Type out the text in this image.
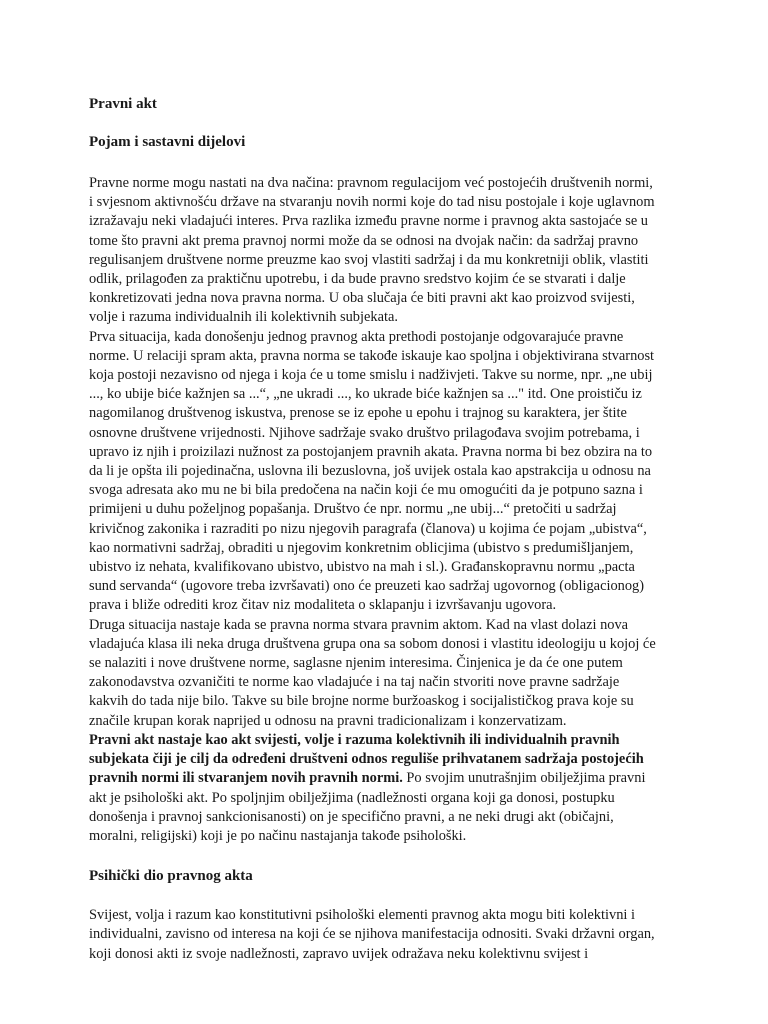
Pravni akt
Pojam i sastavni dijelovi

Pravne norme mogu nastati na dva načina: pravnom regulacijom već postojećih društvenih normi, i svjesnom aktivnošću države na stvaranju novih normi koje do tad nisu postojale i koje uglavnom izražavaju neki vladajući interes. Prva razlika između pravne norme i pravnog akta sastojaće se u tome što pravni akt prema pravnoj normi može da se odnosi na dvojak način: da sadržaj pravno regulisanjem društvene norme preuzme kao svoj vlastiti sadržaj i da mu konkretniji oblik, vlastiti odlik, prilagođen za praktičnu upotrebu, i da bude pravno sredstvo kojim će se stvarati i dalje konkretizovati jedna nova pravna norma. U oba slučaja će biti pravni akt kao proizvod svijesti, volje i razuma individualnih ili kolektivnih subjekata.

Prva situacija, kada donošenju jednog pravnog akta prethodi postojanje odgovarajuće pravne norme. U relaciji spram akta, pravna norma se takođe iskauje kao spoljna i objektivirana stvarnost koja postoji nezavisno od njega i koja će u tome smislu i nadživjeti. Takve su norme, npr. „ne ubij ..., ko ubije biće kažnjen sa ...“, „ne ukradi ..., ko ukrade biće kažnjen sa ..." itd. One proističu iz nagomilanog društvenog iskustva, prenose se iz epohe u epohu i trajnog su karaktera, jer štite osnovne društvene vrijednosti. Njihove sadržaje svako društvo prilagođava svojim potrebama, i upravo iz njih i proizilazi nužnost za postojanjem pravnih akata. Pravna norma bi bez obzira na to da li je opšta ili pojedinačna, uslovna ili bezuslovna, još uvijek ostala kao apstrakcija u odnosu na svoga adresata ako mu ne bi bila predočena na način koji će mu omogućiti da je potpuno sazna i primijeni u duhu poželjnog popašanja. Društvo će npr. normu „ne ubij...“ pretočiti u sadržaj krivičnog zakonika i razraditi po nizu njegovih paragrafa (članova) u kojima će pojam „ubistva“, kao normativni sadržaj, obraditi u njegovim konkretnim oblicjima (ubistvo s predumišljanjem, ubistvo iz nehata, kvalifikovano ubistvo, ubistvo na mah i sl.). Građanskopravnu normu „pacta sund servanda“ (ugovore treba izvršavati) ono će preuzeti kao sadržaj ugovornog (obligacionog) prava i bliže odrediti kroz čitav niz modaliteta o sklapanju i izvršavanju ugovora.

Druga situacija nastaje kada se pravna norma stvara pravnim aktom. Kad na vlast dolazi nova vladajuća klasa ili neka druga društvena grupa ona sa sobom donosi i vlastitu ideologiju u kojoj će se nalaziti i nove društvene norme, saglasne njenim interesima. Činjenica je da će one putem zakonodavstva ozvaničiti te norme kao vladajuće i na taj način stvoriti nove pravne sadržaje kakvih do tada nije bilo. Takve su bile brojne norme buržoaskog i socijalističkog prava koje su značile krupan korak naprijed u odnosu na pravni tradicionalizam i konzervatizam.

Pravni akt nastaje kao akt svijesti, volje i razuma kolektivnih ili individualnih pravnih subjekata čiji je cilj da određeni društveni odnos reguliše prihvatanem sadržaja postojećih pravnih normi ili stvaranjem novih pravnih normi. Po svojim unutrašnjim obilježjima pravni akt je psihološki akt. Po spoljnjim obilježjima (nadležnosti organa koji ga donosi, postupku donošenja i pravnoj sankcionisanosti) on je specifično pravni, a ne neki drugi akt (običajni, moralni, religijski) koji je po načinu nastajanja takođe psihološki.

Psihički dio pravnog akta

Svijest, volja i razum kao konstitutivni psihološki elementi pravnog akta mogu biti kolektivni i individualni, zavisno od interesa na koji će se njihova manifestacija odnositi. Svaki državni organ, koji donosi akti iz svoje nadležnosti, zapravo uvijek odražava neku kolektivnu svijest i
